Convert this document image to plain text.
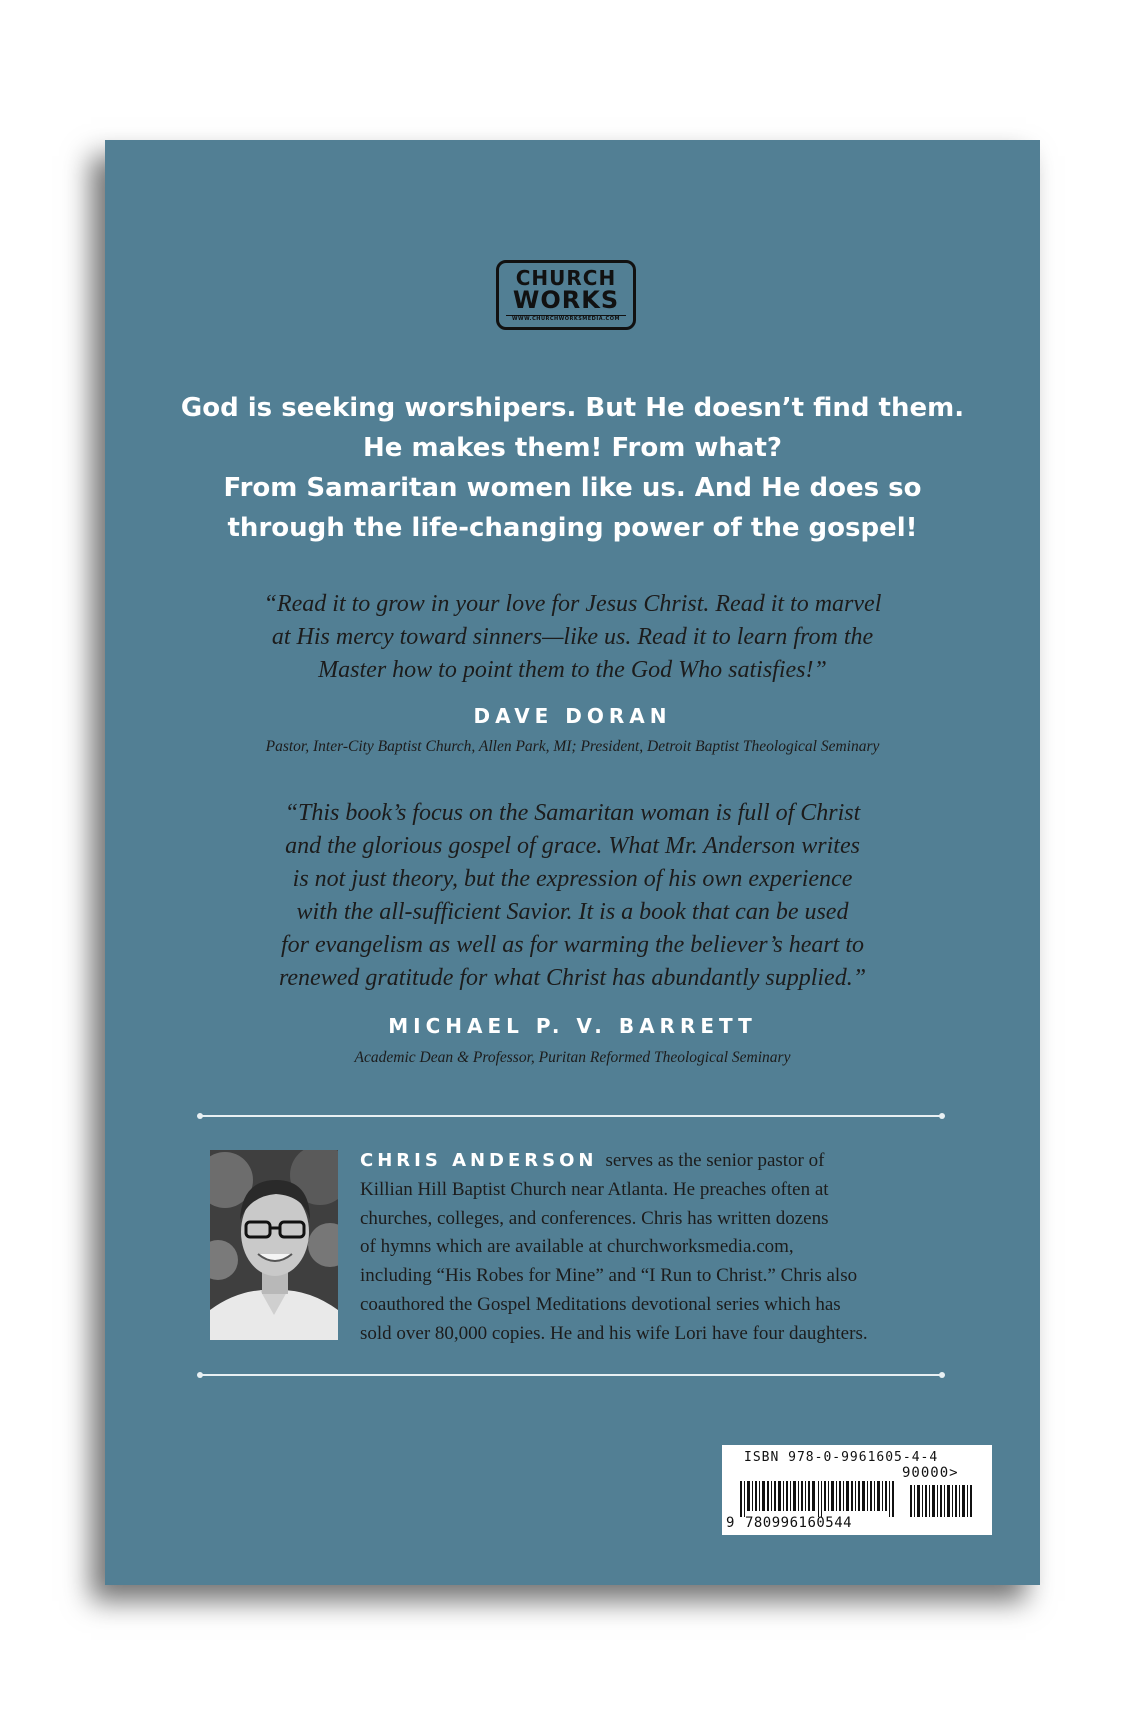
CHURCH
WORKS
WWW.CHURCHWORKSMEDIA.COM
God is seeking worshipers. But He doesn’t find them.
He makes them! From what?
From Samaritan women like us. And He does so
through the life-changing power of the gospel!
“Read it to grow in your love for Jesus Christ. Read it to marvel
at His mercy toward sinners—like us. Read it to learn from the
Master how to point them to the God Who satisfies!”
DAVE DORAN
Pastor, Inter-City Baptist Church, Allen Park, MI; President, Detroit Baptist Theological Seminary
“This book’s focus on the Samaritan woman is full of Christ
and the glorious gospel of grace. What Mr. Anderson writes
is not just theory, but the expression of his own experience
with the all-sufficient Savior. It is a book that can be used
for evangelism as well as for warming the believer’s heart to
renewed gratitude for what Christ has abundantly supplied.”
MICHAEL P. V. BARRETT
Academic Dean & Professor, Puritan Reformed Theological Seminary
CHRIS ANDERSON serves as the senior pastor of
Killian Hill Baptist Church near Atlanta. He preaches often at
churches, colleges, and conferences. Chris has written dozens
of hymns which are available at churchworksmedia.com,
including “His Robes for Mine” and “I Run to Christ.” Chris also
coauthored the Gospel Meditations devotional series which has
sold over 80,000 copies. He and his wife Lori have four daughters.
ISBN 978-0-9961605-4-4
90000>
9 780996160544
